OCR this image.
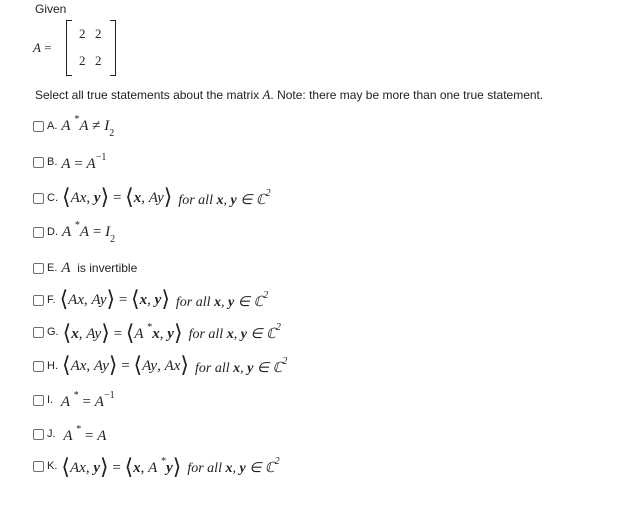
Given
A =
2 2
2 2
Select all true statements about the matrix A. Note: there may be more than one true statement.
A. A $^*A \ne I_2$
B. $A = A^{-1}$
C. ⟨Ax, y⟩ = ⟨x, Ay⟩ for all x, y ∈ ℂ$^2$
D. A $^*A = I_2$
E. A is invertible
F. ⟨Ax, Ay⟩ = ⟨x, y⟩ for all x, y ∈ ℂ$^2$
G. ⟨x, Ay⟩ = ⟨A *x, y⟩ for all x, y ∈ ℂ$^2$
H. ⟨Ax, Ay⟩ = ⟨Ay, Ax⟩ for all x, y ∈ ℂ$^2$
I. A $^* = A^{-1}$
J. A * = A
K. ⟨Ax, y⟩ = ⟨x, A *y⟩ for all x, y ∈ ℂ$^2$
